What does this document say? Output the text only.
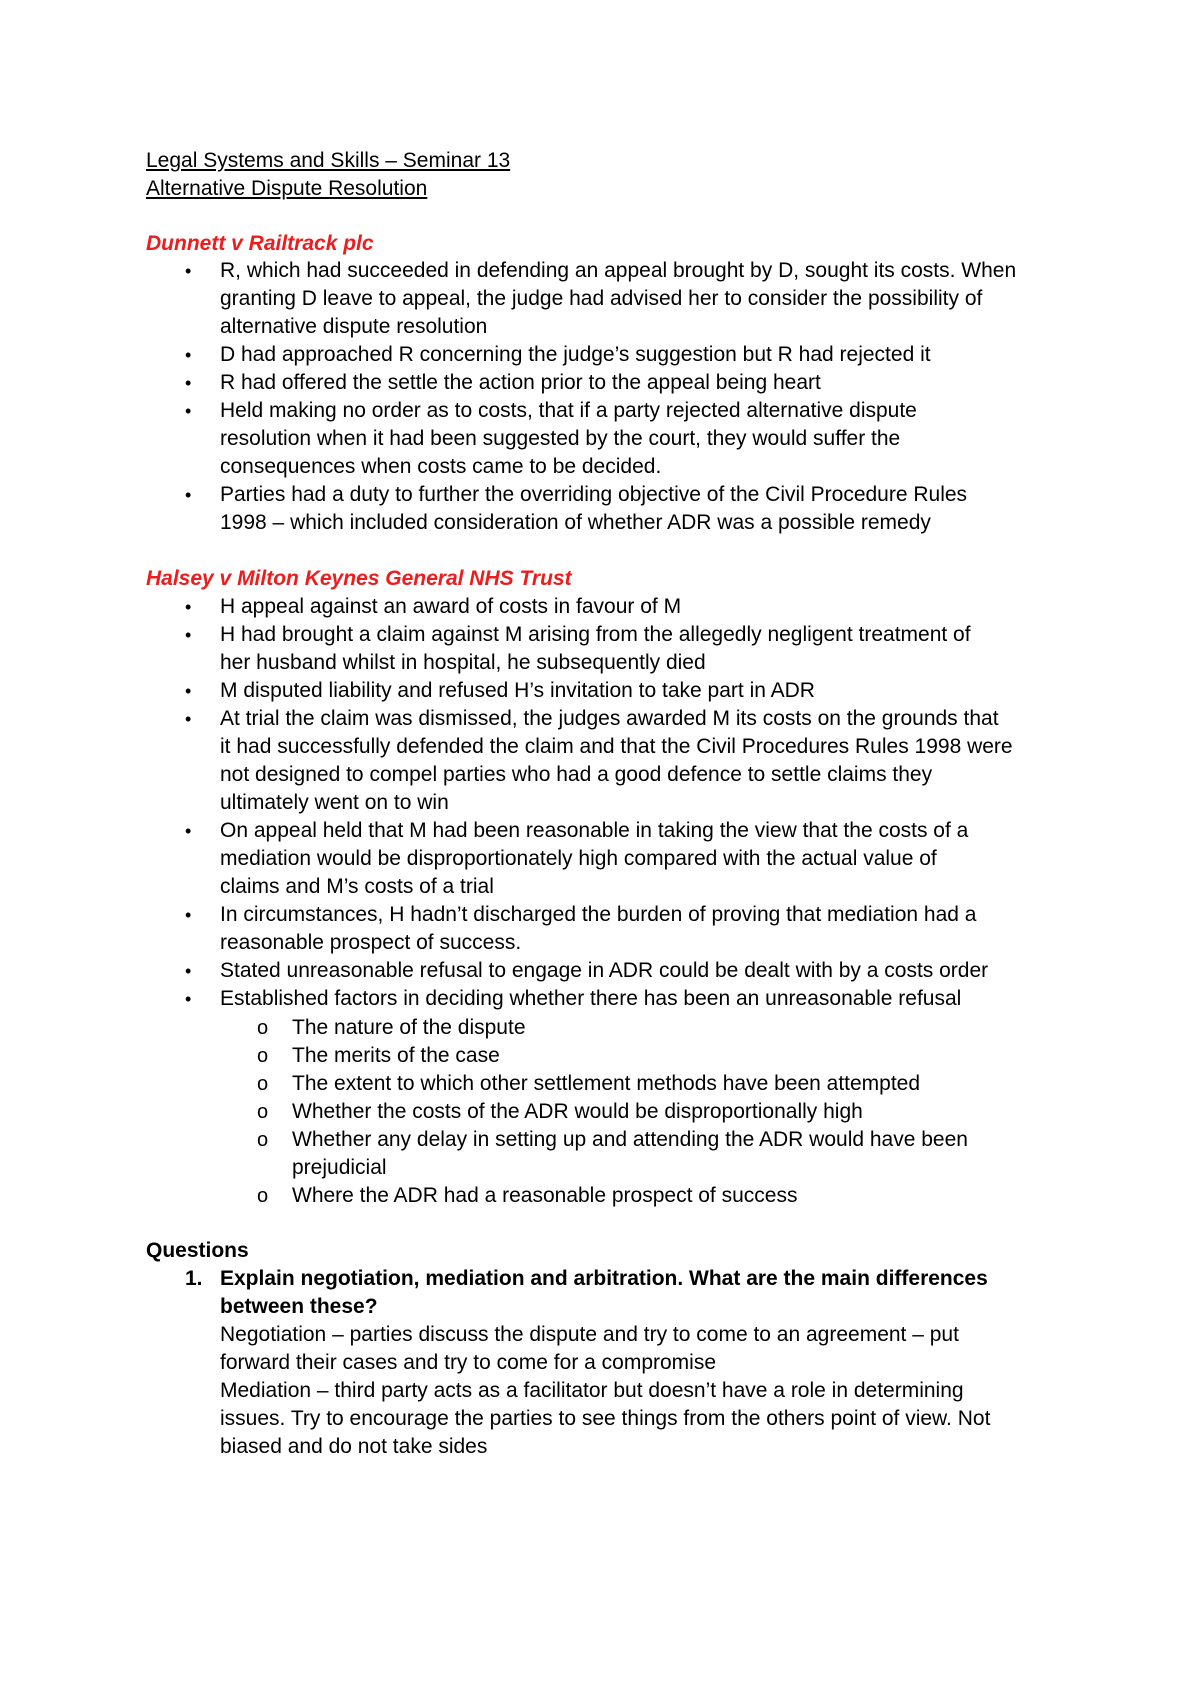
Legal Systems and Skills – Seminar 13
Alternative Dispute Resolution
Dunnett v Railtrack plc
• R, which had succeeded in defending an appeal brought by D, sought its costs. When
granting D leave to appeal, the judge had advised her to consider the possibility of
alternative dispute resolution
• D had approached R concerning the judge’s suggestion but R had rejected it
• R had offered the settle the action prior to the appeal being heart
• Held making no order as to costs, that if a party rejected alternative dispute
resolution when it had been suggested by the court, they would suffer the
consequences when costs came to be decided.
• Parties had a duty to further the overriding objective of the Civil Procedure Rules
1998 – which included consideration of whether ADR was a possible remedy
Halsey v Milton Keynes General NHS Trust
• H appeal against an award of costs in favour of M
• H had brought a claim against M arising from the allegedly negligent treatment of
her husband whilst in hospital, he subsequently died
• M disputed liability and refused H’s invitation to take part in ADR
• At trial the claim was dismissed, the judges awarded M its costs on the grounds that
it had successfully defended the claim and that the Civil Procedures Rules 1998 were
not designed to compel parties who had a good defence to settle claims they
ultimately went on to win
• On appeal held that M had been reasonable in taking the view that the costs of a
mediation would be disproportionately high compared with the actual value of
claims and M’s costs of a trial
• In circumstances, H hadn’t discharged the burden of proving that mediation had a
reasonable prospect of success.
• Stated unreasonable refusal to engage in ADR could be dealt with by a costs order
• Established factors in deciding whether there has been an unreasonable refusal
o The nature of the dispute
o The merits of the case
o The extent to which other settlement methods have been attempted
o Whether the costs of the ADR would be disproportionally high
o Whether any delay in setting up and attending the ADR would have been
prejudicial
o Where the ADR had a reasonable prospect of success
Questions
1. Explain negotiation, mediation and arbitration. What are the main differences
between these?
Negotiation – parties discuss the dispute and try to come to an agreement – put
forward their cases and try to come for a compromise
Mediation – third party acts as a facilitator but doesn’t have a role in determining
issues. Try to encourage the parties to see things from the others point of view. Not
biased and do not take sides
